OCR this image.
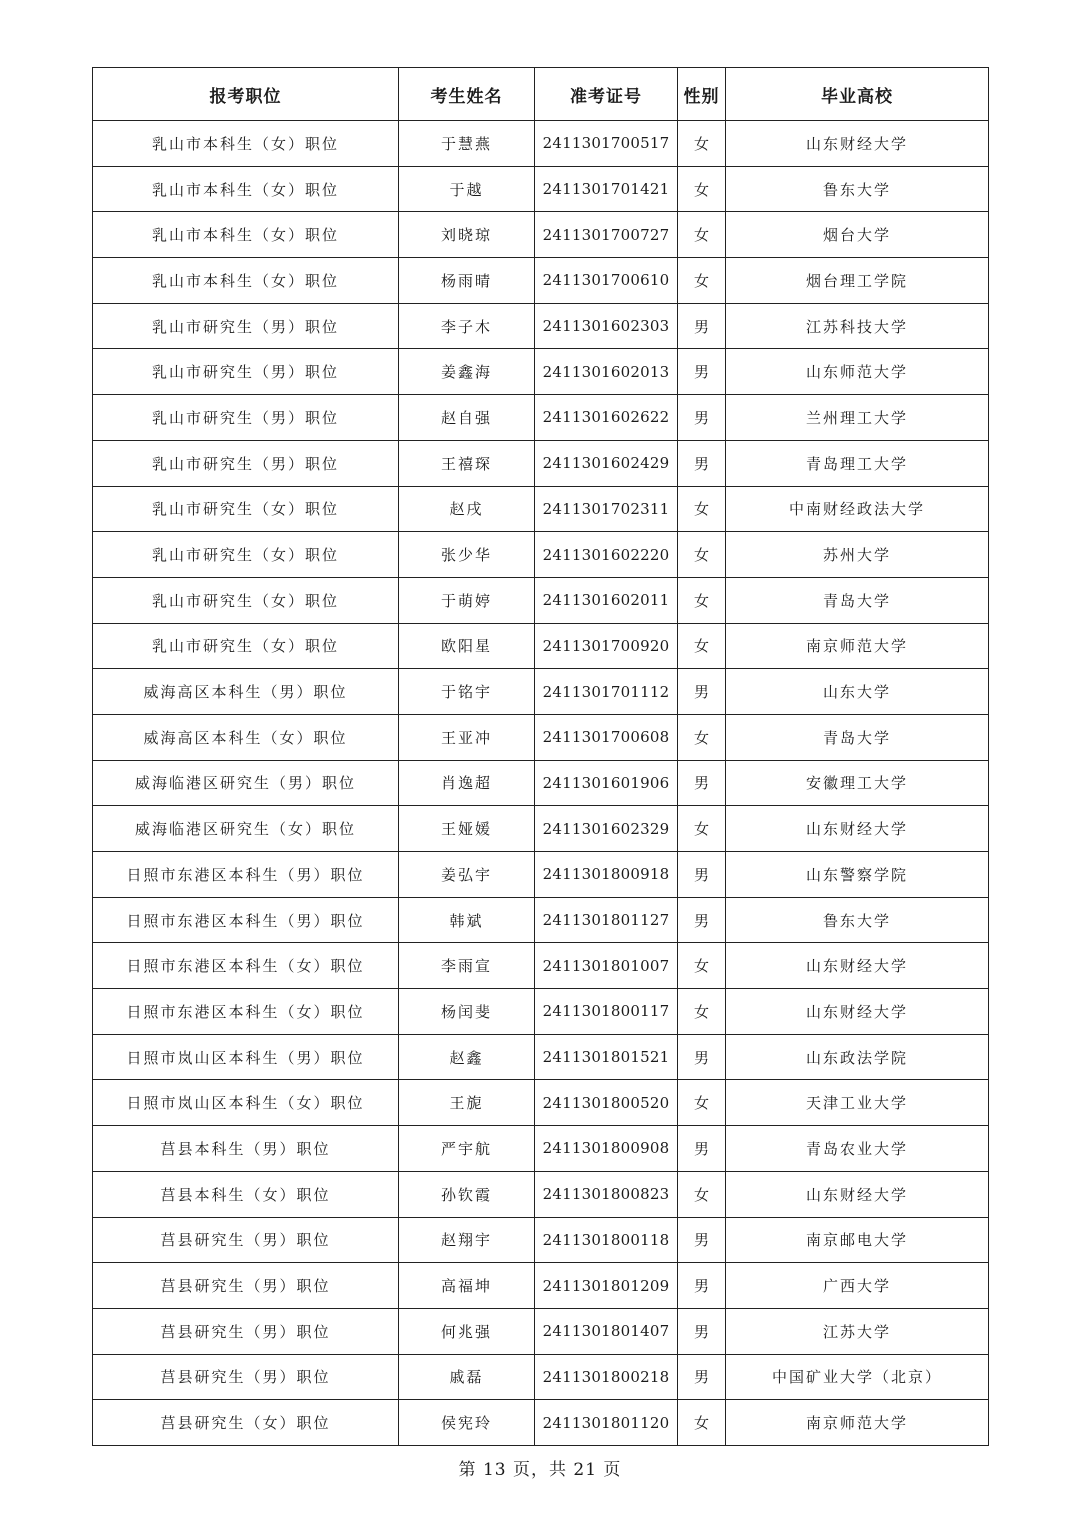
报考职位	考生姓名	准考证号	性别	毕业高校
乳山市本科生（女）职位	于慧燕	2411301700517	女	山东财经大学
乳山市本科生（女）职位	于越	2411301701421	女	鲁东大学
乳山市本科生（女）职位	刘晓琼	2411301700727	女	烟台大学
乳山市本科生（女）职位	杨雨晴	2411301700610	女	烟台理工学院
乳山市研究生（男）职位	李子木	2411301602303	男	江苏科技大学
乳山市研究生（男）职位	姜鑫海	2411301602013	男	山东师范大学
乳山市研究生（男）职位	赵自强	2411301602622	男	兰州理工大学
乳山市研究生（男）职位	王禧琛	2411301602429	男	青岛理工大学
乳山市研究生（女）职位	赵戌	2411301702311	女	中南财经政法大学
乳山市研究生（女）职位	张少华	2411301602220	女	苏州大学
乳山市研究生（女）职位	于萌婷	2411301602011	女	青岛大学
乳山市研究生（女）职位	欧阳星	2411301700920	女	南京师范大学
威海高区本科生（男）职位	于铭宇	2411301701112	男	山东大学
威海高区本科生（女）职位	王亚冲	2411301700608	女	青岛大学
威海临港区研究生（男）职位	肖逸超	2411301601906	男	安徽理工大学
威海临港区研究生（女）职位	王娅媛	2411301602329	女	山东财经大学
日照市东港区本科生（男）职位	姜弘宇	2411301800918	男	山东警察学院
日照市东港区本科生（男）职位	韩斌	2411301801127	男	鲁东大学
日照市东港区本科生（女）职位	李雨宣	2411301801007	女	山东财经大学
日照市东港区本科生（女）职位	杨闰斐	2411301800117	女	山东财经大学
日照市岚山区本科生（男）职位	赵鑫	2411301801521	男	山东政法学院
日照市岚山区本科生（女）职位	王旎	2411301800520	女	天津工业大学
莒县本科生（男）职位	严宇航	2411301800908	男	青岛农业大学
莒县本科生（女）职位	孙钦霞	2411301800823	女	山东财经大学
莒县研究生（男）职位	赵翔宇	2411301800118	男	南京邮电大学
莒县研究生（男）职位	高福坤	2411301801209	男	广西大学
莒县研究生（男）职位	何兆强	2411301801407	男	江苏大学
莒县研究生（男）职位	戚磊	2411301800218	男	中国矿业大学（北京）
莒县研究生（女）职位	侯宪玲	2411301801120	女	南京师范大学
第 13 页，共 21 页
